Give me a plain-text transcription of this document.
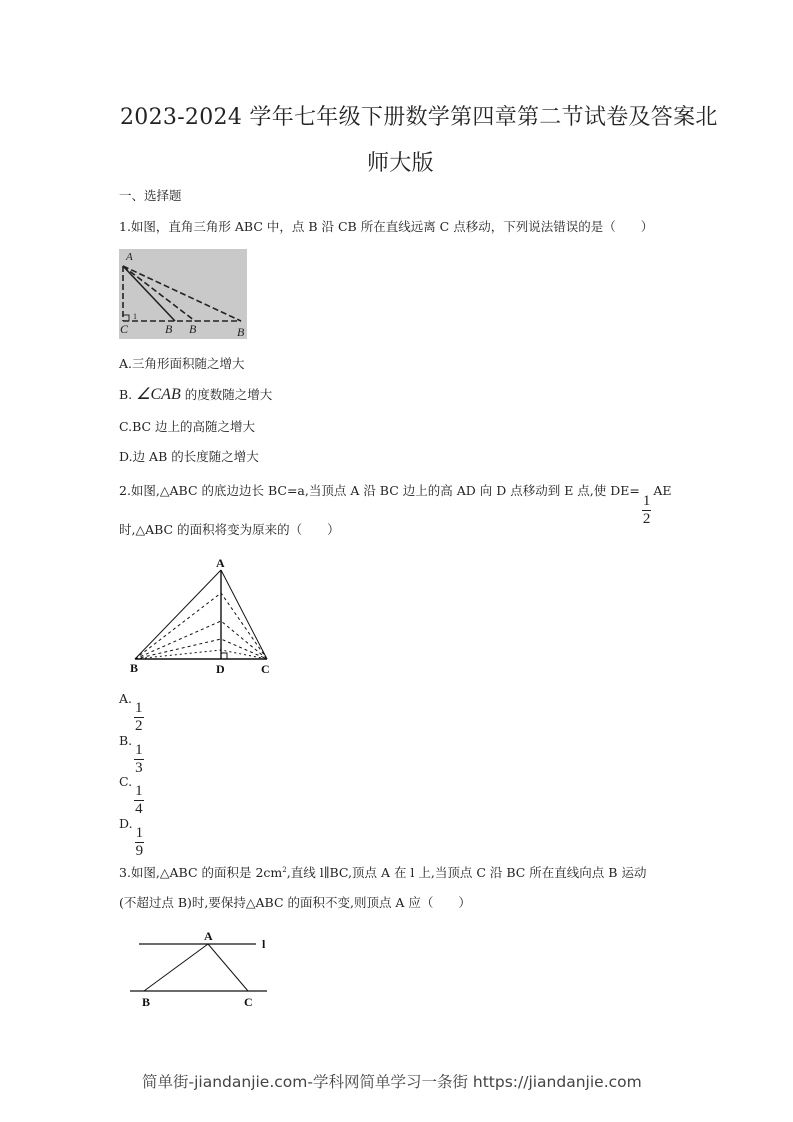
2023-2024 学年七年级下册数学第四章第二节试卷及答案北
师大版
一、选择题
1.如图，直角三角形 ABC 中，点 B 沿 CB 所在直线远离 C 点移动，下列说法错误的是（　　）
1
A
C	B B	B
A.三角形面积随之增大
B. ∠CAB 的度数随之增大
C.BC 边上的高随之增大
D.边 AB 的长度随之增大
2.如图,△ABC 的底边边长 BC=a,当顶点 A 沿 BC 边上的高 AD 向 D 点移动到 E 点,使 DE=
$\frac{1}{2}$
AE
时,△ABC 的面积将变为原来的（　　）
A
B	D	C
A.
$\frac{1}{2}$
B.
$\frac{1}{3}$
C.
$\frac{1}{4}$
D.
$\frac{1}{9}$
3.如图,△ABC 的面积是 $2cm^2$,直线 l∥BC,顶点 A 在 l 上,当顶点 C 沿 BC 所在直线向点 B 运动
(不超过点 B)时,要保持△ABC 的面积不变,则顶点 A 应（　　）
A
l
B	C
简单街-jiandanjie.com-学科网简单学习一条街 https://jiandanjie.com
